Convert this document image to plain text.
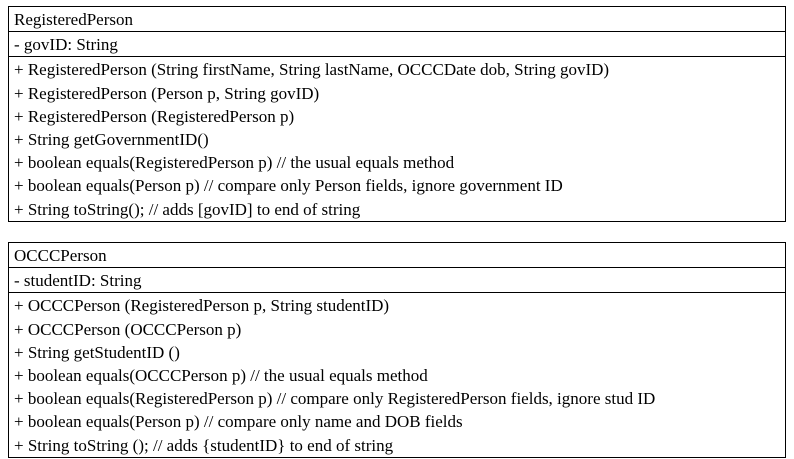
RegisteredPerson
- govID: String
+ RegisteredPerson (String firstName, String lastName, OCCCDate dob, String govID)
+ RegisteredPerson (Person p, String govID)
+ RegisteredPerson (RegisteredPerson p)
+ String getGovernmentID()
+ boolean equals(RegisteredPerson p) // the usual equals method
+ boolean equals(Person p) // compare only Person fields, ignore government ID
+ String toString(); // adds [govID] to end of string
OCCCPerson
- studentID: String
+ OCCCPerson (RegisteredPerson p, String studentID)
+ OCCCPerson (OCCCPerson p)
+ String getStudentID ()
+ boolean equals(OCCCPerson p) // the usual equals method
+ boolean equals(RegisteredPerson p) // compare only RegisteredPerson fields, ignore stud ID
+ boolean equals(Person p) // compare only name and DOB fields
+ String toString (); // adds {studentID} to end of string
